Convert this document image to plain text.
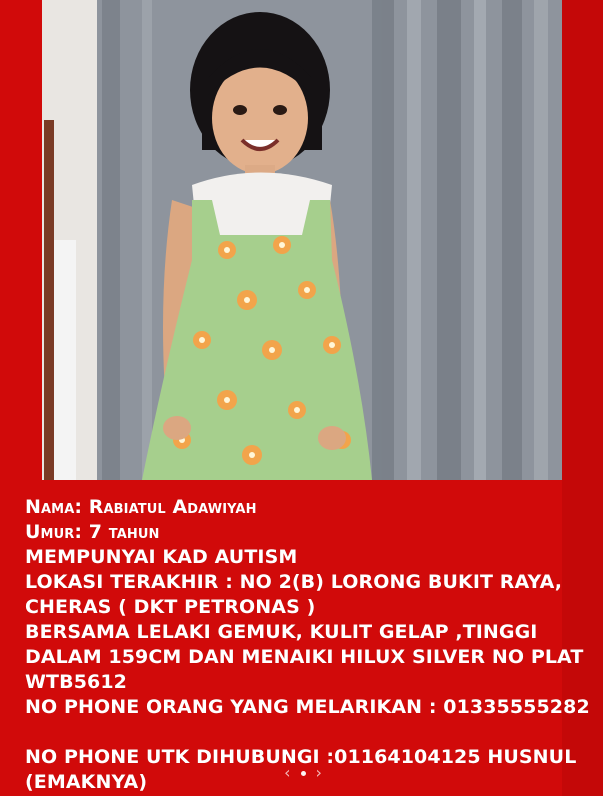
Nama: Rabiatul Adawiyah
Umur: 7 tahun
MEMPUNYAI KAD AUTISM
LOKASI TERAKHIR : NO 2(B) LORONG BUKIT RAYA,
CHERAS ( DKT PETRONAS )
BERSAMA LELAKI GEMUK, KULIT GELAP ,TINGGI
DALAM 159CM DAN MENAIKI HILUX SILVER NO PLAT
WTB5612
NO PHONE ORANG YANG MELARIKAN : 01335555282
NO PHONE UTK DIHUBUNGI :01164104125 HUSNUL
(EMAKNYA)	‹ ›
